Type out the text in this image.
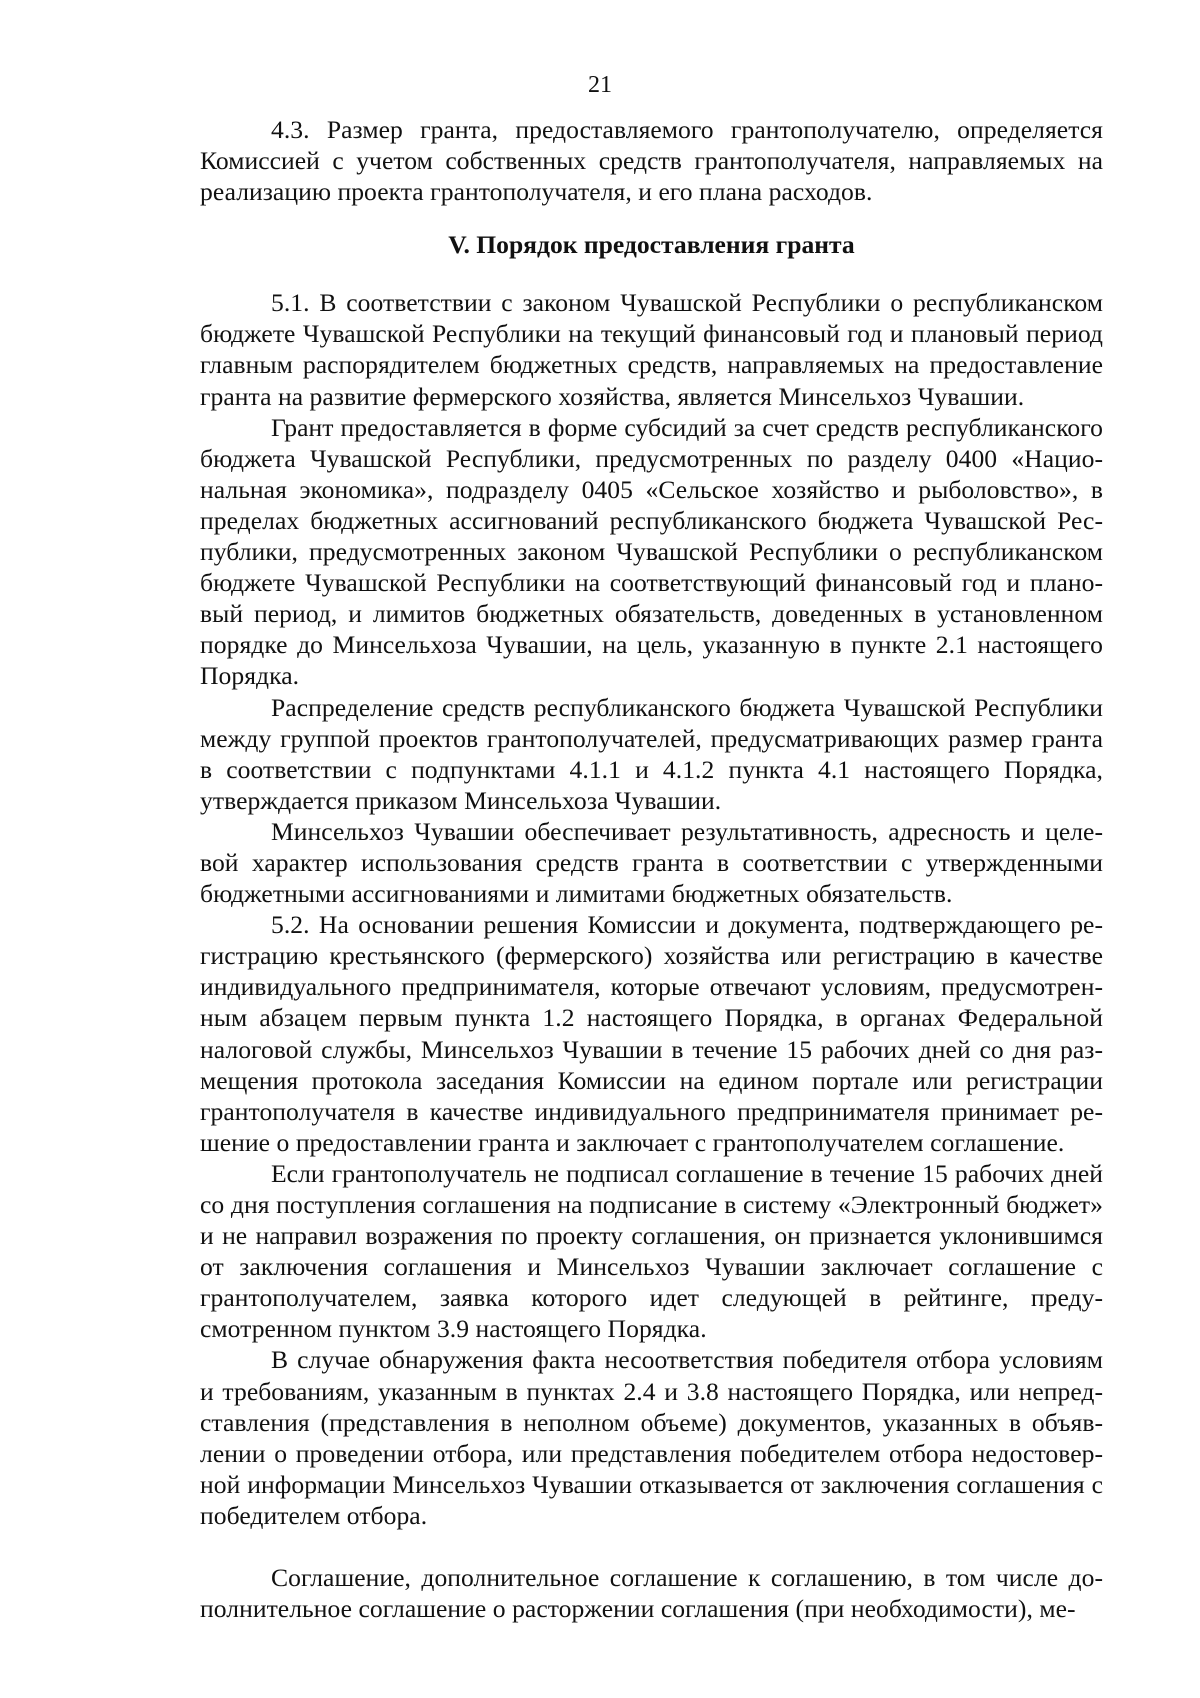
21

4.3. Размер гранта, предоставляемого грантополучателю, определяется Комиссией с учетом собственных средств грантополучателя, направляемых на реализацию проекта грантополучателя, и его плана расходов.

V. Порядок предоставления гранта

5.1. В соответствии с законом Чувашской Республики о республиканском бюджете Чувашской Республики на текущий финансовый год и плановый период главным распорядителем бюджетных средств, направляемых на предоставление гранта на развитие фермерского хозяйства, является Минсельхоз Чувашии.

Грант предоставляется в форме субсидий за счет средств республиканского бюджета Чувашской Республики, предусмотренных по разделу 0400 «Национальная экономика», подразделу 0405 «Сельское хозяйство и рыболовство», в пределах бюджетных ассигнований республиканского бюджета Чувашской Республики, предусмотренных законом Чувашской Республики о республиканском бюджете Чувашской Республики на соответствующий финансовый год и плановый период, и лимитов бюджетных обязательств, доведенных в установленном порядке до Минсельхоза Чувашии, на цель, указанную в пункте 2.1 настоящего Порядка.

Распределение средств республиканского бюджета Чувашской Республики между группой проектов грантополучателей, предусматривающих размер гранта в соответствии с подпунктами 4.1.1 и 4.1.2 пункта 4.1 настоящего Порядка, утверждается приказом Минсельхоза Чувашии.

Минсельхоз Чувашии обеспечивает результативность, адресность и целевой характер использования средств гранта в соответствии с утвержденными бюджетными ассигнованиями и лимитами бюджетных обязательств.

5.2. На основании решения Комиссии и документа, подтверждающего регистрацию крестьянского (фермерского) хозяйства или регистрацию в качестве индивидуального предпринимателя, которые отвечают условиям, предусмотренным абзацем первым пункта 1.2 настоящего Порядка, в органах Федеральной налоговой службы, Минсельхоз Чувашии в течение 15 рабочих дней со дня размещения протокола заседания Комиссии на едином портале или регистрации грантополучателя в качестве индивидуального предпринимателя принимает решение о предоставлении гранта и заключает с грантополучателем соглашение.

Если грантополучатель не подписал соглашение в течение 15 рабочих дней со дня поступления соглашения на подписание в систему «Электронный бюджет» и не направил возражения по проекту соглашения, он признается уклонившимся от заключения соглашения и Минсельхоз Чувашии заключает соглашение с грантополучателем, заявка которого идет следующей в рейтинге, предусмотренном пунктом 3.9 настоящего Порядка.

В случае обнаружения факта несоответствия победителя отбора условиям и требованиям, указанным в пунктах 2.4 и 3.8 настоящего Порядка, или непредставления (представления в неполном объеме) документов, указанных в объявлении о проведении отбора, или представления победителем отбора недостоверной информации Минсельхоз Чувашии отказывается от заключения соглашения с победителем отбора.

Соглашение, дополнительное соглашение к соглашению, в том числе дополнительное соглашение о расторжении соглашения (при необходимости), ме-
